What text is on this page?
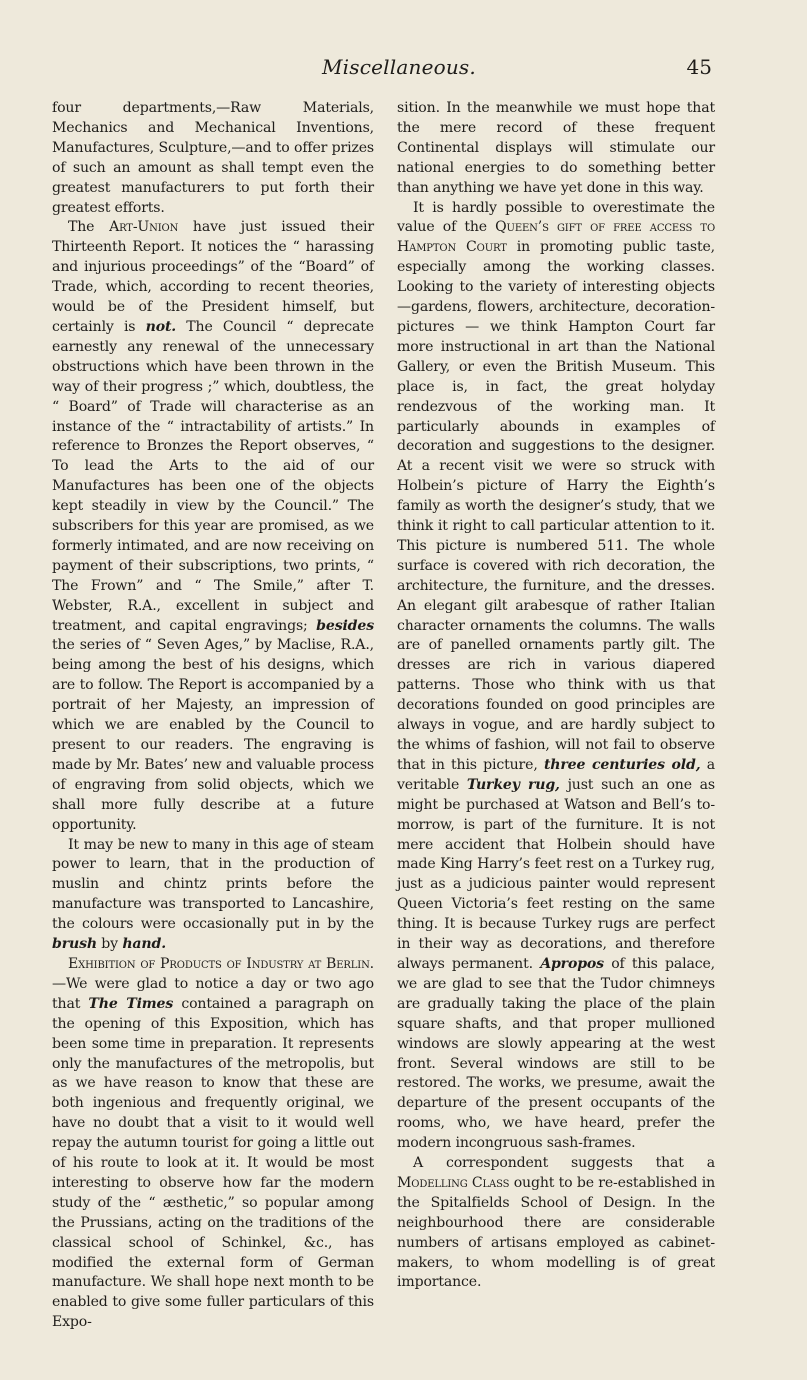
Miscellaneous.	45

four departments,—Raw Materials, Mechanics and Mechanical Inventions, Manufactures, Sculpture,—and to offer prizes of such an amount as shall tempt even the greatest manufacturers to put forth their greatest efforts.

The Art-Union have just issued their Thirteenth Report. It notices the “ harassing and injurious proceedings” of the “Board” of Trade, which, according to recent theories, would be of the President himself, but certainly is not. The Council “ deprecate earnestly any renewal of the unnecessary obstructions which have been thrown in the way of their progress ;” which, doubtless, the “ Board” of Trade will characterise as an instance of the “ intractability of artists.” In reference to Bronzes the Report observes, “ To lead the Arts to the aid of our Manufactures has been one of the objects kept steadily in view by the Council.” The subscribers for this year are promised, as we formerly intimated, and are now receiving on payment of their subscriptions, two prints, “ The Frown” and “ The Smile,” after T. Webster, R.A., excellent in subject and treatment, and capital engravings; besides the series of “ Seven Ages,” by Maclise, R.A., being among the best of his designs, which are to follow. The Report is accompanied by a portrait of her Majesty, an impression of which we are enabled by the Council to present to our readers. The engraving is made by Mr. Bates’ new and valuable process of engraving from solid objects, which we shall more fully describe at a future opportunity.

It may be new to many in this age of steam power to learn, that in the production of muslin and chintz prints before the manufacture was transported to Lancashire, the colours were occasionally put in by the brush by hand.

Exhibition of Products of Industry at Berlin.—We were glad to notice a day or two ago that The Times contained a paragraph on the opening of this Exposition, which has been some time in preparation. It represents only the manufactures of the metropolis, but as we have reason to know that these are both ingenious and frequently original, we have no doubt that a visit to it would well repay the autumn tourist for going a little out of his route to look at it. It would be most interesting to observe how far the modern study of the “ æsthetic,” so popular among the Prussians, acting on the traditions of the classical school of Schinkel, &c., has modified the external form of German manufacture. We shall hope next month to be enabled to give some fuller particulars of this Expo-

sition. In the meanwhile we must hope that the mere record of these frequent Continental displays will stimulate our national energies to do something better than anything we have yet done in this way.

It is hardly possible to overestimate the value of the Queen’s gift of free access to Hampton Court in promoting public taste, especially among the working classes. Looking to the variety of interesting objects—gardens, flowers, architecture, decoration-pictures — we think Hampton Court far more instructional in art than the National Gallery, or even the British Museum. This place is, in fact, the great holyday rendezvous of the working man. It particularly abounds in examples of decoration and suggestions to the designer. At a recent visit we were so struck with Holbein’s picture of Harry the Eighth’s family as worth the designer’s study, that we think it right to call particular attention to it. This picture is numbered 511. The whole surface is covered with rich decoration, the architecture, the furniture, and the dresses. An elegant gilt arabesque of rather Italian character ornaments the columns. The walls are of panelled ornaments partly gilt. The dresses are rich in various diapered patterns. Those who think with us that decorations founded on good principles are always in vogue, and are hardly subject to the whims of fashion, will not fail to observe that in this picture, three centuries old, a veritable Turkey rug, just such an one as might be purchased at Watson and Bell’s to-morrow, is part of the furniture. It is not mere accident that Holbein should have made King Harry’s feet rest on a Turkey rug, just as a judicious painter would represent Queen Victoria’s feet resting on the same thing. It is because Turkey rugs are perfect in their way as decorations, and therefore always permanent. Apropos of this palace, we are glad to see that the Tudor chimneys are gradually taking the place of the plain square shafts, and that proper mullioned windows are slowly appearing at the west front. Several windows are still to be restored. The works, we presume, await the departure of the present occupants of the rooms, who, we have heard, prefer the modern incongruous sash-frames.

A correspondent suggests that a Modelling Class ought to be re-established in the Spitalfields School of Design. In the neighbourhood there are considerable numbers of artisans employed as cabinet-makers, to whom modelling is of great importance.
